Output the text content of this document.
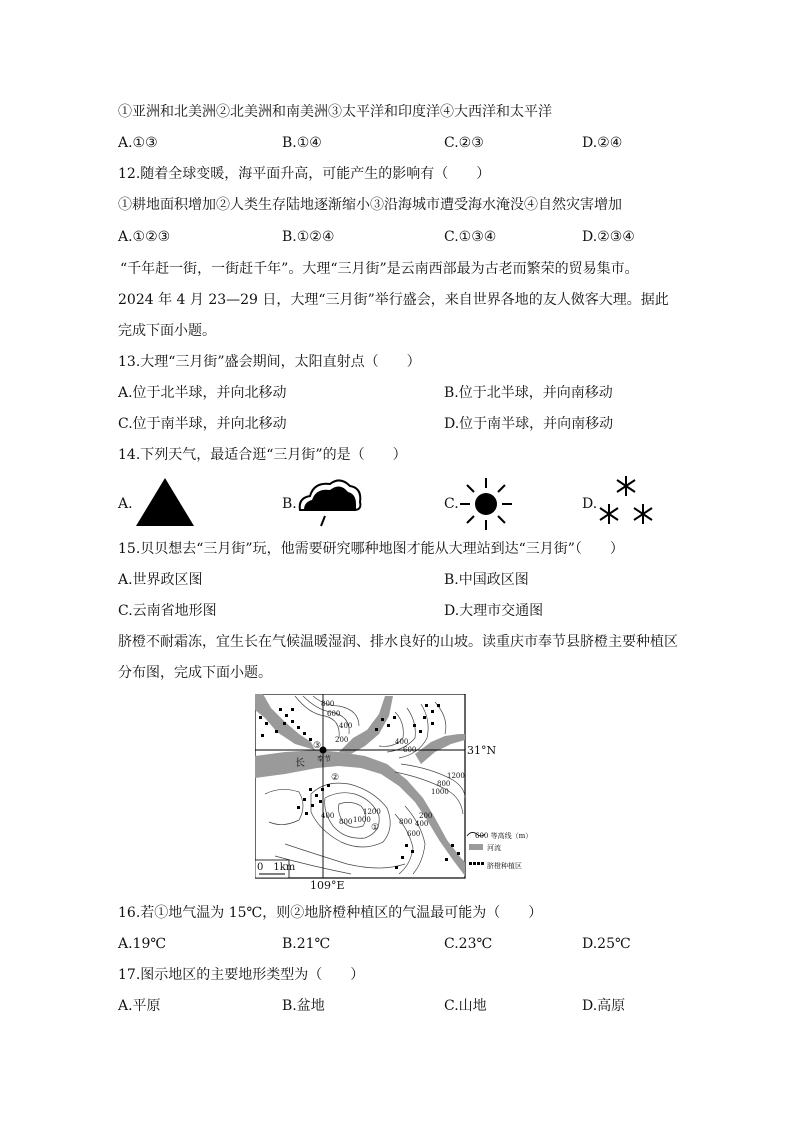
①亚洲和北美洲②北美洲和南美洲③太平洋和印度洋④大西洋和太平洋
A.①③	B.①④	C.②③	D.②④
12.随着全球变暖，海平面升高，可能产生的影响有（　　）
①耕地面积增加②人类生存陆地逐渐缩小③沿海城市遭受海水淹没④自然灾害增加
A.①②③	B.①②④	C.①③④	D.②③④
“千年赶一街，一街赶千年”。大理“三月街”是云南西部最为古老而繁荣的贸易集市。
2024 年 4 月 23—29 日，大理“三月街”举行盛会，来自世界各地的友人傚客大理。据此
完成下面小题。
13.大理“三月街”盛会期间，太阳直射点（　　）
A.位于北半球，并向北移动	B.位于北半球，并向南移动
C.位于南半球，并向北移动	D.位于南半球，并向南移动
14.下列天气，最适合逛“三月街”的是（　　）
A.	B.	C.	D.
15.贝贝想去“三月街”玩，他需要研究哪种地图才能从大理站到达“三月街”（　　）
A.世界政区图	B.中国政区图
C.云南省地形图	D.大理市交通图
脐橙不耐霜冻，宜生长在气候温暖湿润、排水良好的山坡。读重庆市奉节县脐橙主要种植区
分布图，完成下面小题。
31°N
109°E
0　1km
奉节
长
800
600
400
200	400
600
800
1000
1200
400
800 1000
1200
600
400
200
800
①
②
③
600 等高线（m）
河流
脐橙种植区
16.若①地气温为 15℃，则②地脐橙种植区的气温最可能为（　　）
A.19℃	B.21℃	C.23℃	D.25℃
17.图示地区的主要地形类型为（　　）
A.平原	B.盆地	C.山地	D.高原
